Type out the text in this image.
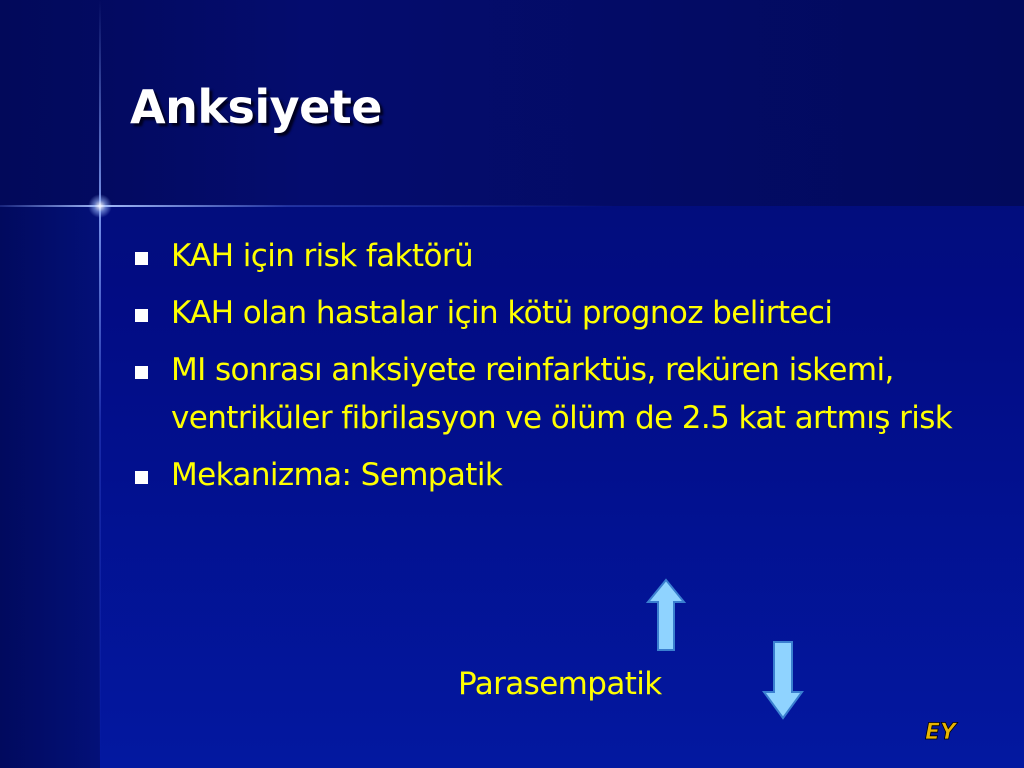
Anksiyete
KAH için risk faktörü
KAH olan hastalar için kötü prognoz belirteci
MI sonrası anksiyete reinfarktüs, reküren iskemi, ventriküler fibrilasyon ve ölüm de 2.5 kat artmış risk
Mekanizma: Sempatik

Parasempatik

EY
